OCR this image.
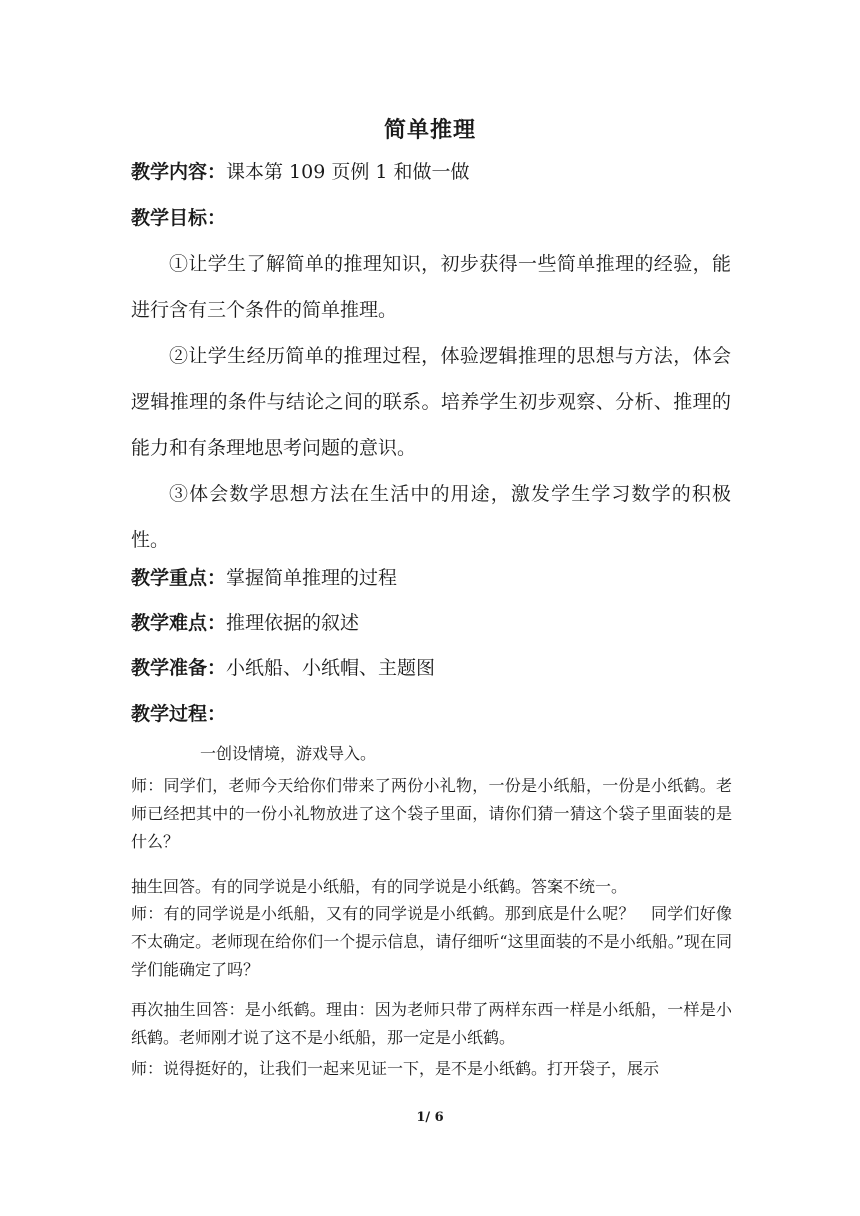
简单推理
教学内容：课本第 109 页例 1 和做一做
教学目标：
①让学生了解简单的推理知识，初步获得一些简单推理的经验，能进行含有三个条件的简单推理。
②让学生经历简单的推理过程，体验逻辑推理的思想与方法，体会逻辑推理的条件与结论之间的联系。培养学生初步观察、分析、推理的能力和有条理地思考问题的意识。
③体会数学思想方法在生活中的用途，激发学生学习数学的积极性。
教学重点：掌握简单推理的过程
教学难点：推理依据的叙述
教学准备：小纸船、小纸帽、主题图
教学过程：
一创设情境，游戏导入。
师：同学们，老师今天给你们带来了两份小礼物，一份是小纸船，一份是小纸鹤。老师已经把其中的一份小礼物放进了这个袋子里面，请你们猜一猜这个袋子里面装的是什么？
抽生回答。有的同学说是小纸船，有的同学说是小纸鹤。答案不统一。
师：有的同学说是小纸船，又有的同学说是小纸鹤。那到底是什么呢？　同学们好像不太确定。老师现在给你们一个提示信息，请仔细听“这里面装的不是小纸船。”现在同学们能确定了吗？
再次抽生回答：是小纸鹤。理由：因为老师只带了两样东西一样是小纸船，一样是小纸鹤。老师刚才说了这不是小纸船，那一定是小纸鹤。
师：说得挺好的，让我们一起来见证一下，是不是小纸鹤。打开袋子，展示
1/ 6
